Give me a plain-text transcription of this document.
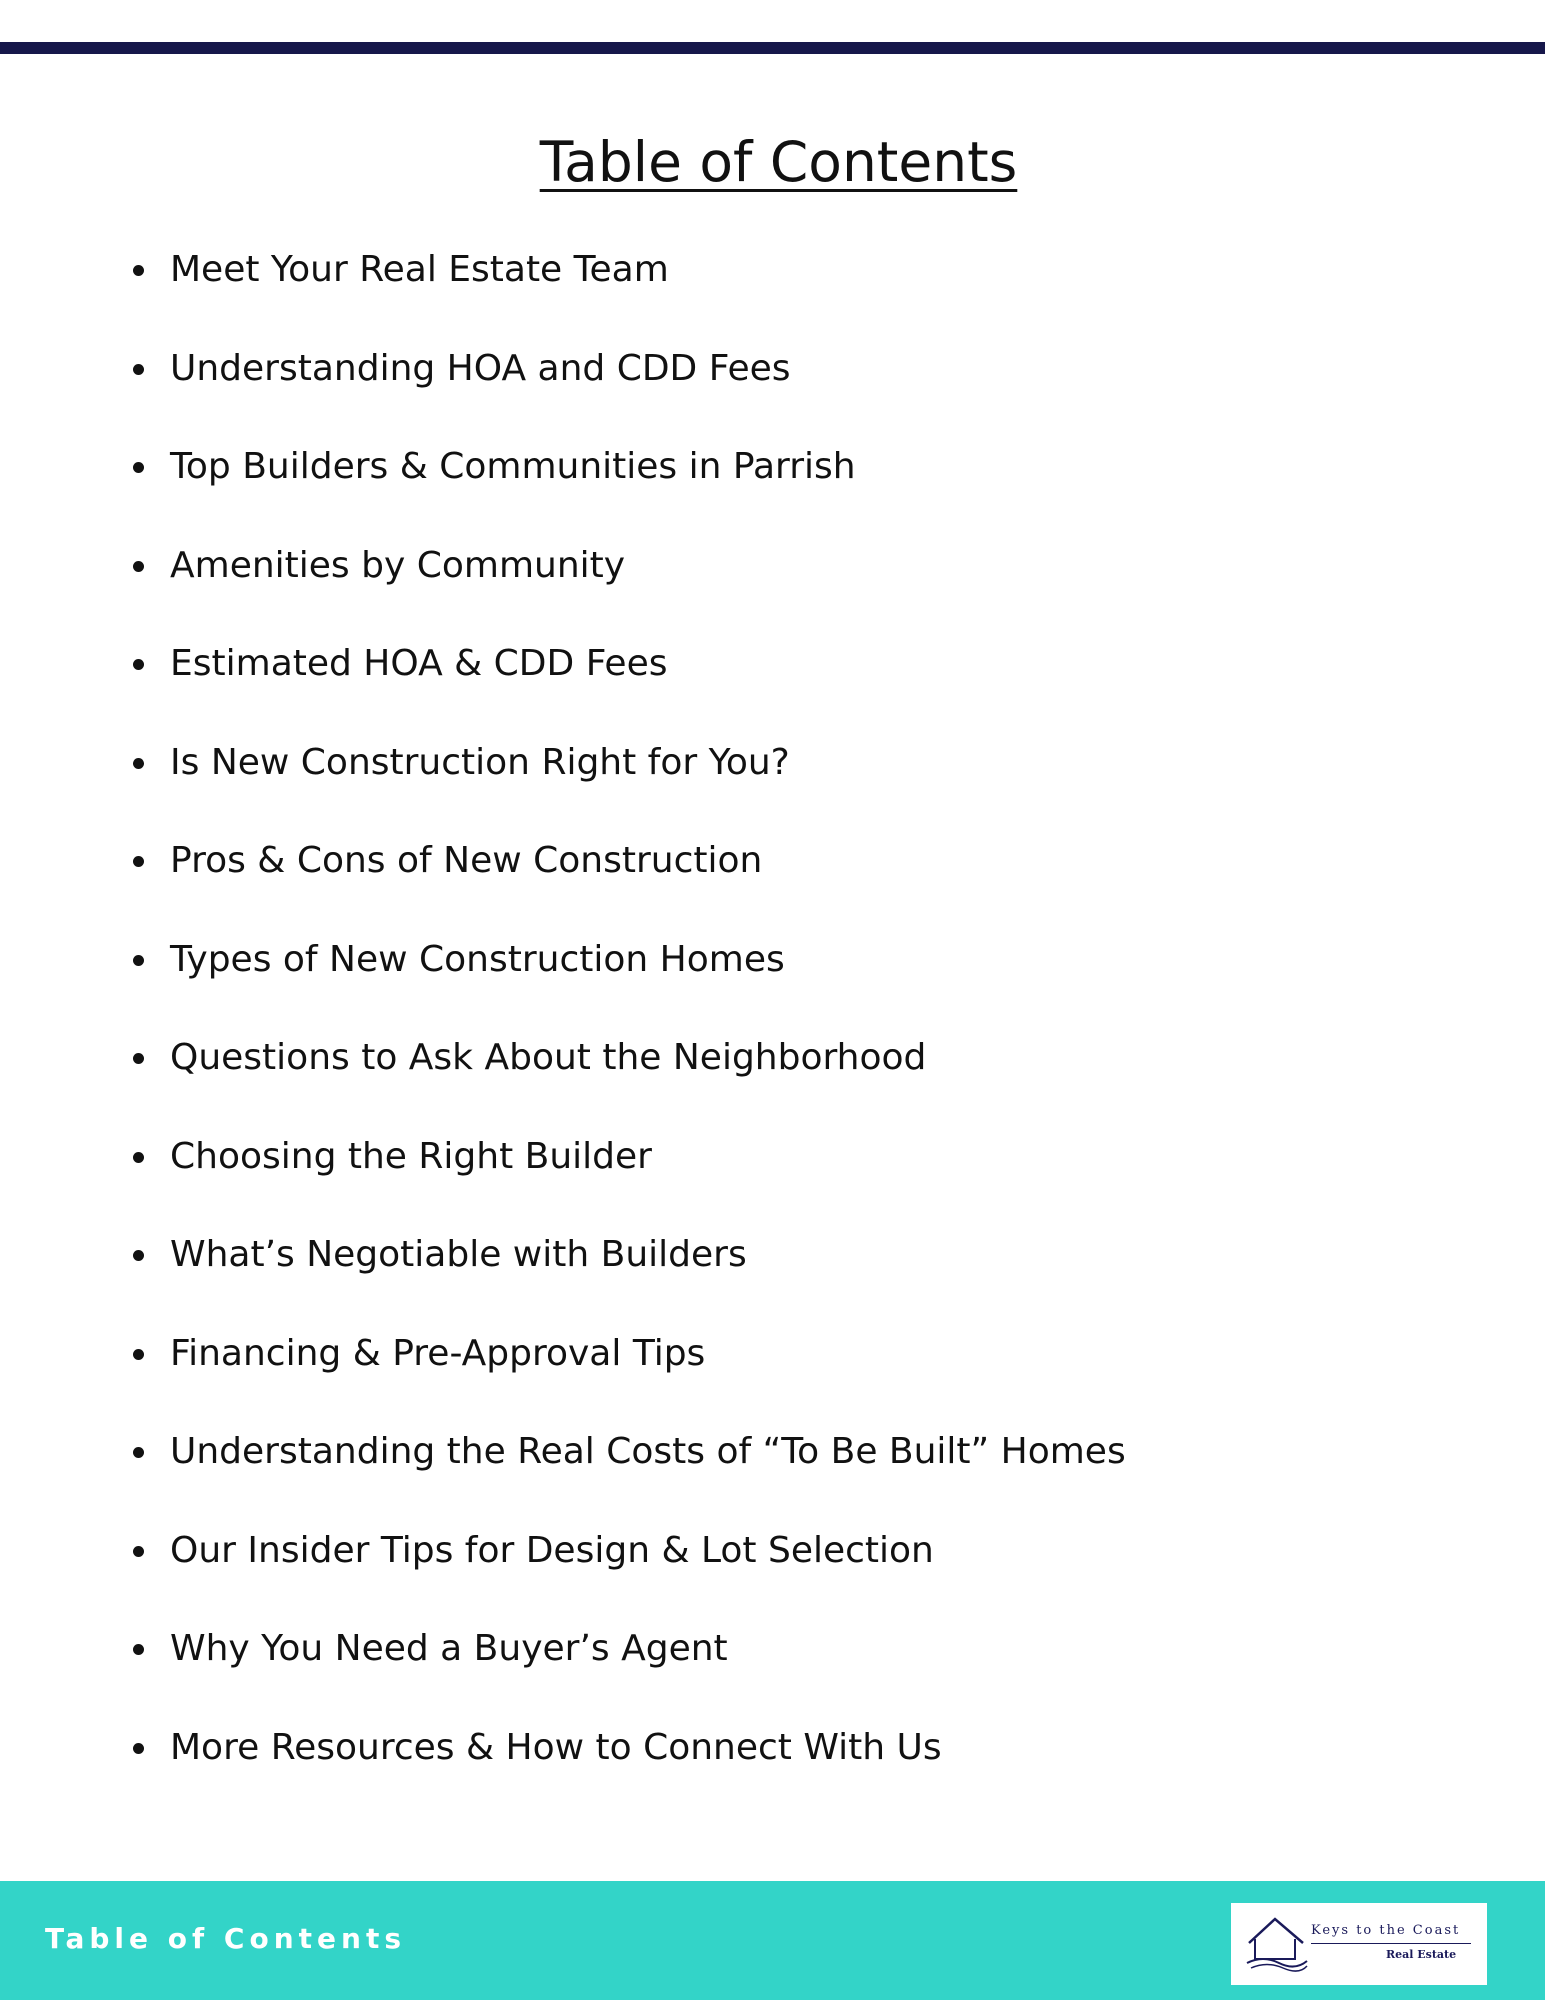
Table of Contents
Meet Your Real Estate Team
Understanding HOA and CDD Fees
Top Builders & Communities in Parrish
Amenities by Community
Estimated HOA & CDD Fees
Is New Construction Right for You?
Pros & Cons of New Construction
Types of New Construction Homes
Questions to Ask About the Neighborhood
Choosing the Right Builder
What’s Negotiable with Builders
Financing & Pre-Approval Tips
Understanding the Real Costs of “To Be Built” Homes
Our Insider Tips for Design & Lot Selection
Why You Need a Buyer’s Agent
More Resources & How to Connect With Us
Table of Contents	Keys to the Coast
Real Estate
